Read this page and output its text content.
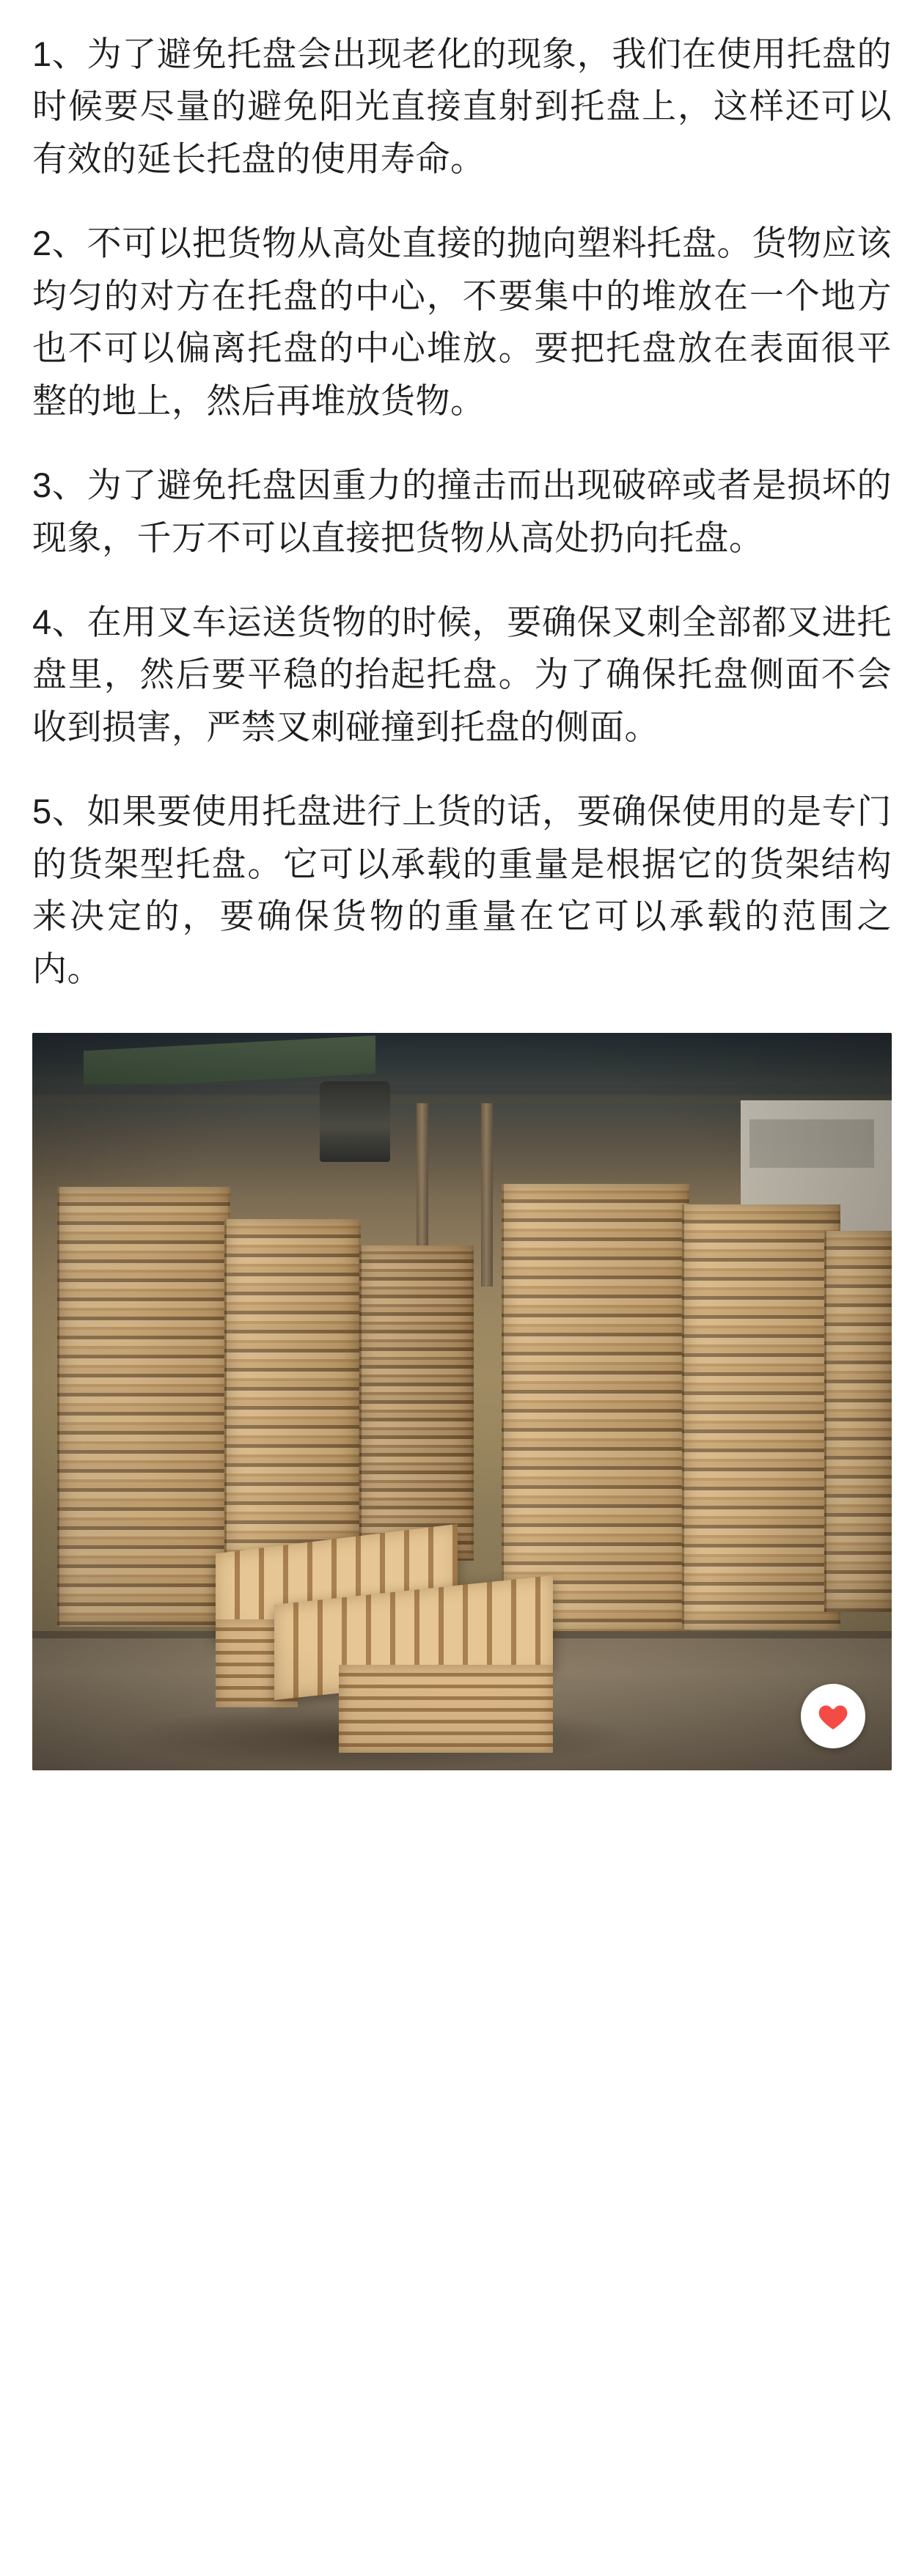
1、为了避免托盘会出现老化的现象，我们在使用托盘的时候要尽量的避免阳光直接直射到托盘上，这样还可以有效的延长托盘的使用寿命。

2、不可以把货物从高处直接的抛向塑料托盘。货物应该均匀的对方在托盘的中心，不要集中的堆放在一个地方也不可以偏离托盘的中心堆放。要把托盘放在表面很平整的地上，然后再堆放货物。

3、为了避免托盘因重力的撞击而出现破碎或者是损坏的现象，千万不可以直接把货物从高处扔向托盘。

4、在用叉车运送货物的时候，要确保叉刺全部都叉进托盘里，然后要平稳的抬起托盘。为了确保托盘侧面不会收到损害，严禁叉刺碰撞到托盘的侧面。

5、如果要使用托盘进行上货的话，要确保使用的是专门的货架型托盘。它可以承载的重量是根据它的货架结构来决定的，要确保货物的重量在它可以承载的范围之内。
